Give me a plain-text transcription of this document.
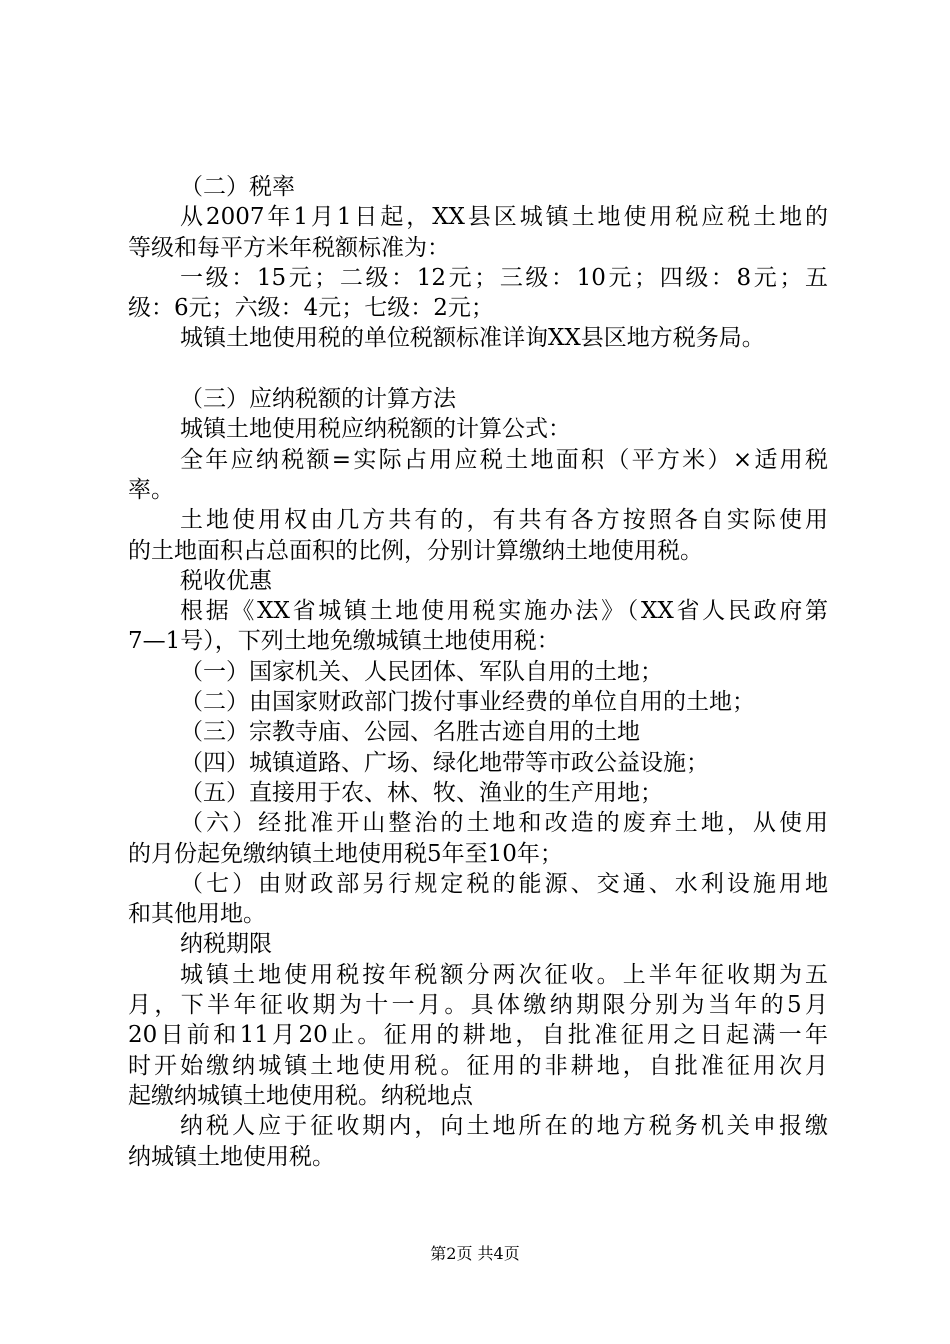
（二）税率
从2007年1月1日起，XX县区城镇土地使用税应税土地的
等级和每平方米年税额标准为：
一级：15元；二级：12元；三级：10元；四级：8元；五
级：6元；六级：4元；七级：2元；
城镇土地使用税的单位税额标准详询XX县区地方税务局。
（三）应纳税额的计算方法
城镇土地使用税应纳税额的计算公式：
全年应纳税额=实际占用应税土地面积（平方米）×适用税
率。
土地使用权由几方共有的，有共有各方按照各自实际使用
的土地面积占总面积的比例，分别计算缴纳土地使用税。
税收优惠
根据《XX省城镇土地使用税实施办法》（XX省人民政府第
7—1号），下列土地免缴城镇土地使用税：
（一）国家机关、人民团体、军队自用的土地；
（二）由国家财政部门拨付事业经费的单位自用的土地；
（三）宗教寺庙、公园、名胜古迹自用的土地
（四）城镇道路、广场、绿化地带等市政公益设施；
（五）直接用于农、林、牧、渔业的生产用地；
（六）经批准开山整治的土地和改造的废弃土地，从使用
的月份起免缴纳镇土地使用税5年至10年；
（七）由财政部另行规定税的能源、交通、水利设施用地
和其他用地。
纳税期限
城镇土地使用税按年税额分两次征收。上半年征收期为五
月，下半年征收期为十一月。具体缴纳期限分别为当年的5月
20日前和11月20止。征用的耕地，自批准征用之日起满一年
时开始缴纳城镇土地使用税。征用的非耕地，自批准征用次月
起缴纳城镇土地使用税。纳税地点
纳税人应于征收期内，向土地所在的地方税务机关申报缴
纳城镇土地使用税。
第2页 共4页
